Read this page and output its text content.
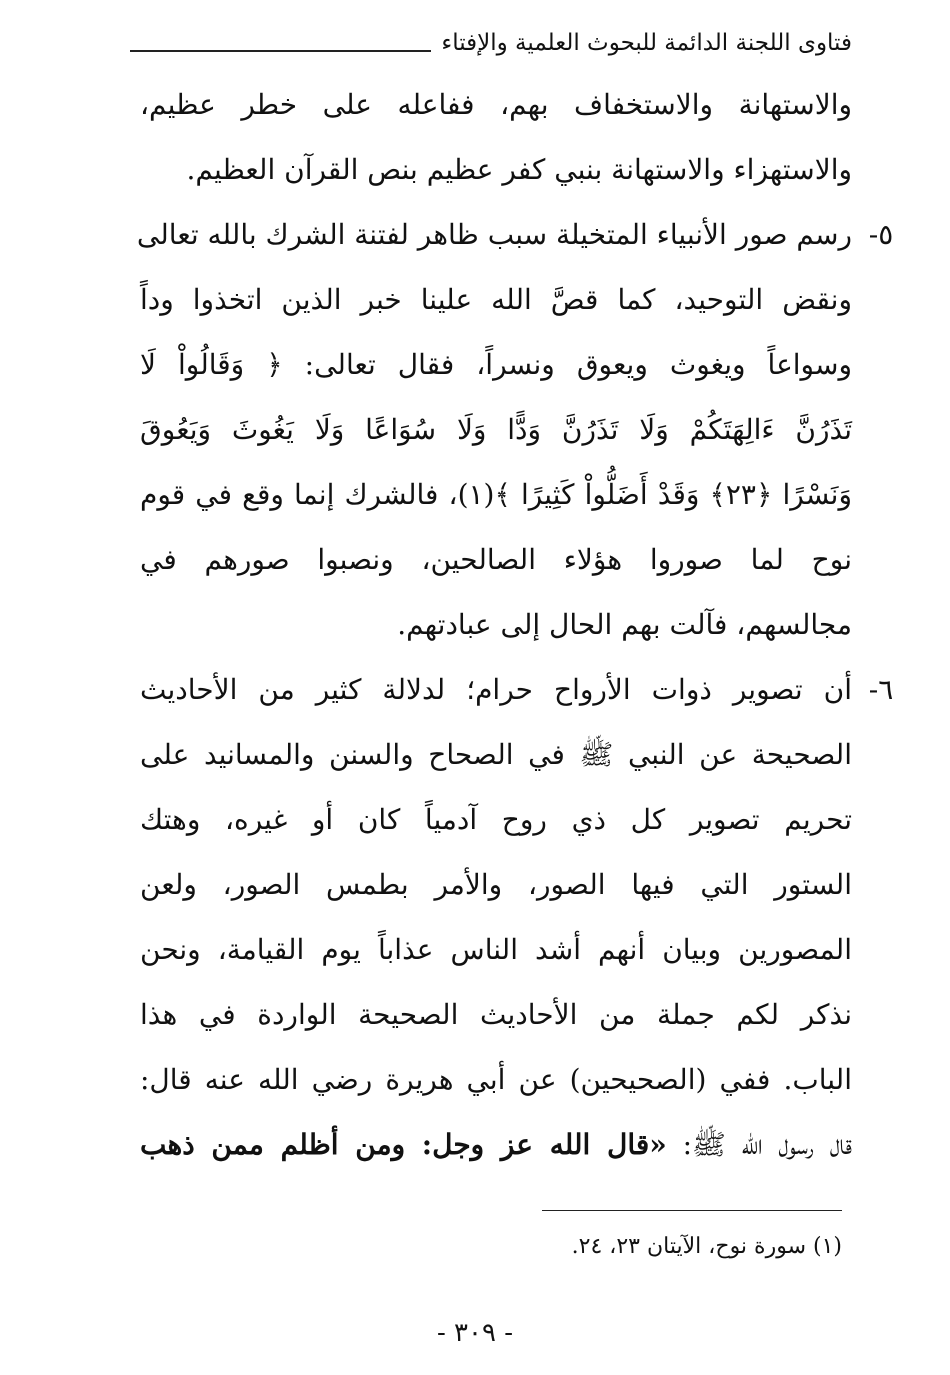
فتاوى اللجنة الدائمة للبحوث العلمية والإفتاء
والاستهانة والاستخفاف بهم، ففاعله على خطر عظيم،
والاستهزاء والاستهانة بنبي كفر عظيم بنص القرآن العظيم.
٥-
رسم صور الأنبياء المتخيلة سبب ظاهر لفتنة الشرك بالله تعالى
ونقض التوحيد، كما قصَّ الله علينا خبر الذين اتخذوا وداً
وسواعاً ويغوث ويعوق ونسراً، فقال تعالى: ﴿ وَقَالُواْ لَا
تَذَرُنَّ ءَالِهَتَكُمْ وَلَا تَذَرُنَّ وَدًّا وَلَا سُوَاعًا وَلَا يَغُوثَ وَيَعُوقَ
وَنَسْرًا ﴿٢٣﴾ وَقَدْ أَضَلُّواْ كَثِيرًا ﴾(١)، فالشرك إنما وقع في قوم
نوح لما صوروا هؤلاء الصالحين، ونصبوا صورهم في
مجالسهم، فآلت بهم الحال إلى عبادتهم.
٦-
أن تصوير ذوات الأرواح حرام؛ لدلالة كثير من الأحاديث
الصحيحة عن النبي ﷺ في الصحاح والسنن والمسانيد على
تحريم تصوير كل ذي روح آدمياً كان أو غيره، وهتك
الستور التي فيها الصور، والأمر بطمس الصور، ولعن
المصورين وبيان أنهم أشد الناس عذاباً يوم القيامة، ونحن
نذكر لكم جملة من الأحاديث الصحيحة الواردة في هذا
الباب. ففي (الصحيحين) عن أبي هريرة رضي الله عنه قال:
قال رسول الله ﷺ: «قال الله عز وجل: ومن أظلم ممن ذهب
(١) سورة نوح، الآيتان ٢٣، ٢٤.
- ٣٠٩ -
